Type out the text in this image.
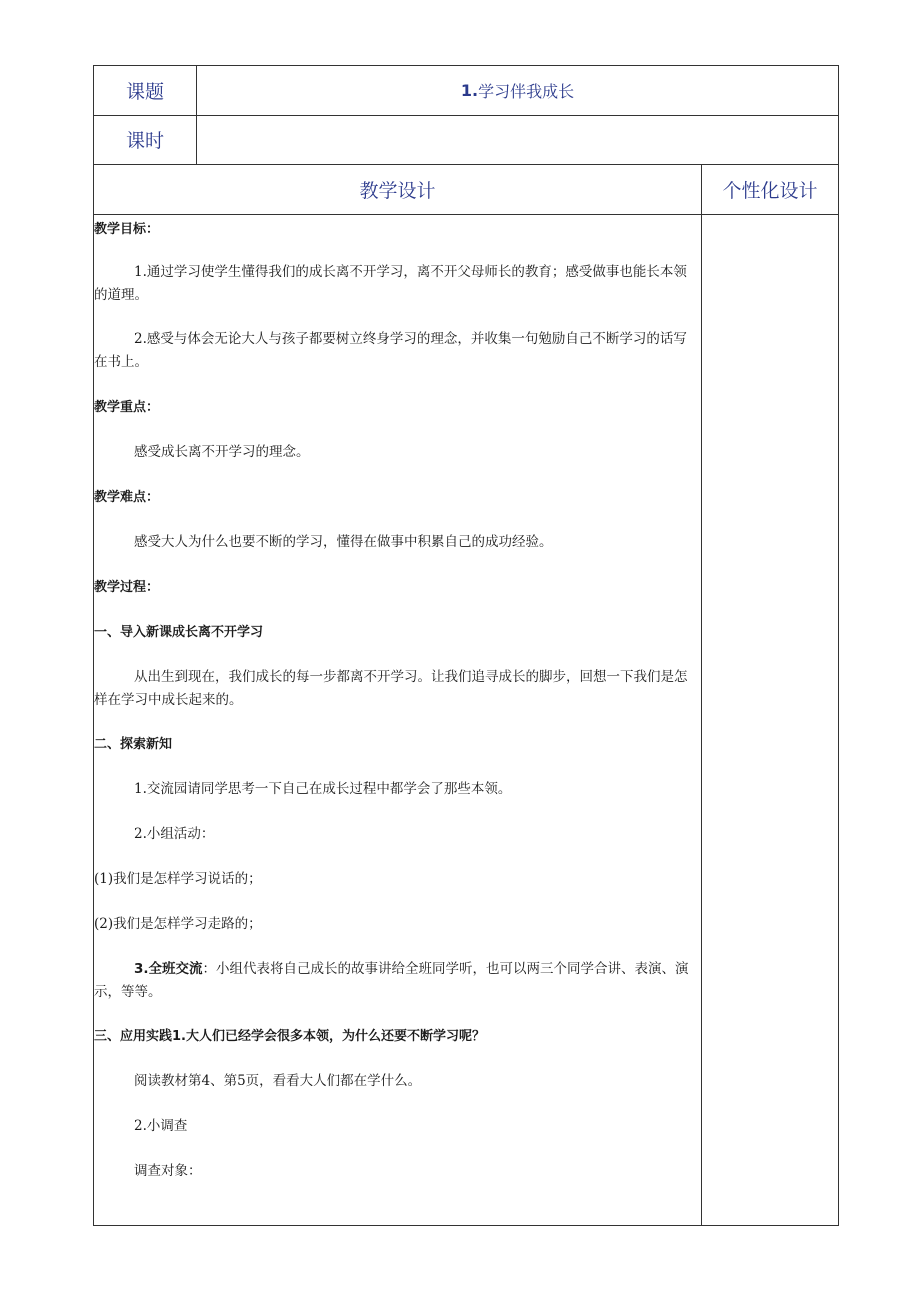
课题	1. 学习伴我成长
课时
教学设计	个性化设计

教学目标：

1.通过学习使学生懂得我们的成长离不开学习，离不开父母师长的教育；感受做事也能长本领的道理。

2.感受与体会无论大人与孩子都要树立终身学习的理念，并收集一句勉励自己不断学习的话写在书上。

教学重点：

感受成长离不开学习的理念。

教学难点：

感受大人为什么也要不断的学习，懂得在做事中积累自己的成功经验。

教学过程：

一、导入新课成长离不开学习

从出生到现在，我们成长的每一步都离不开学习。让我们追寻成长的脚步，回想一下我们是怎样在学习中成长起来的。

二、探索新知

1.交流园请同学思考一下自己在成长过程中都学会了那些本领。

2.小组活动：

(1)我们是怎样学习说话的；

(2)我们是怎样学习走路的；

3.全班交流：小组代表将自己成长的故事讲给全班同学听，也可以两三个同学合讲、表演、演示，等等。

三、应用实践1.大人们已经学会很多本领，为什么还要不断学习呢？

阅读教材第4、第5页，看看大人们都在学什么。

2.小调查

调查对象：
